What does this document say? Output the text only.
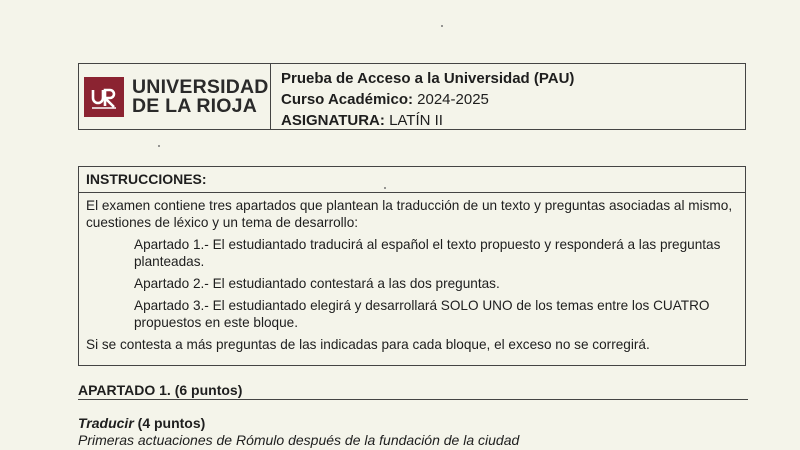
UNIVERSIDAD
DE LA RIOJA
Prueba de Acceso a la Universidad (PAU)
Curso Académico: 2024-2025
ASIGNATURA: LATÍN II
INSTRUCCIONES:

El examen contiene tres apartados que plantean la traducción de un texto y preguntas asociadas al mismo, cuestiones de léxico y un tema de desarrollo:

Apartado 1.- El estudiantado traducirá al español el texto propuesto y responderá a las preguntas planteadas.

Apartado 2.- El estudiantado contestará a las dos preguntas.

Apartado 3.- El estudiantado elegirá y desarrollará SOLO UNO de los temas entre los CUATRO propuestos en este bloque.

Si se contesta a más preguntas de las indicadas para cada bloque, el exceso no se corregirá.

APARTADO 1. (6 puntos)
Traducir (4 puntos)
Primeras actuaciones de Rómulo después de la fundación de la ciudad
